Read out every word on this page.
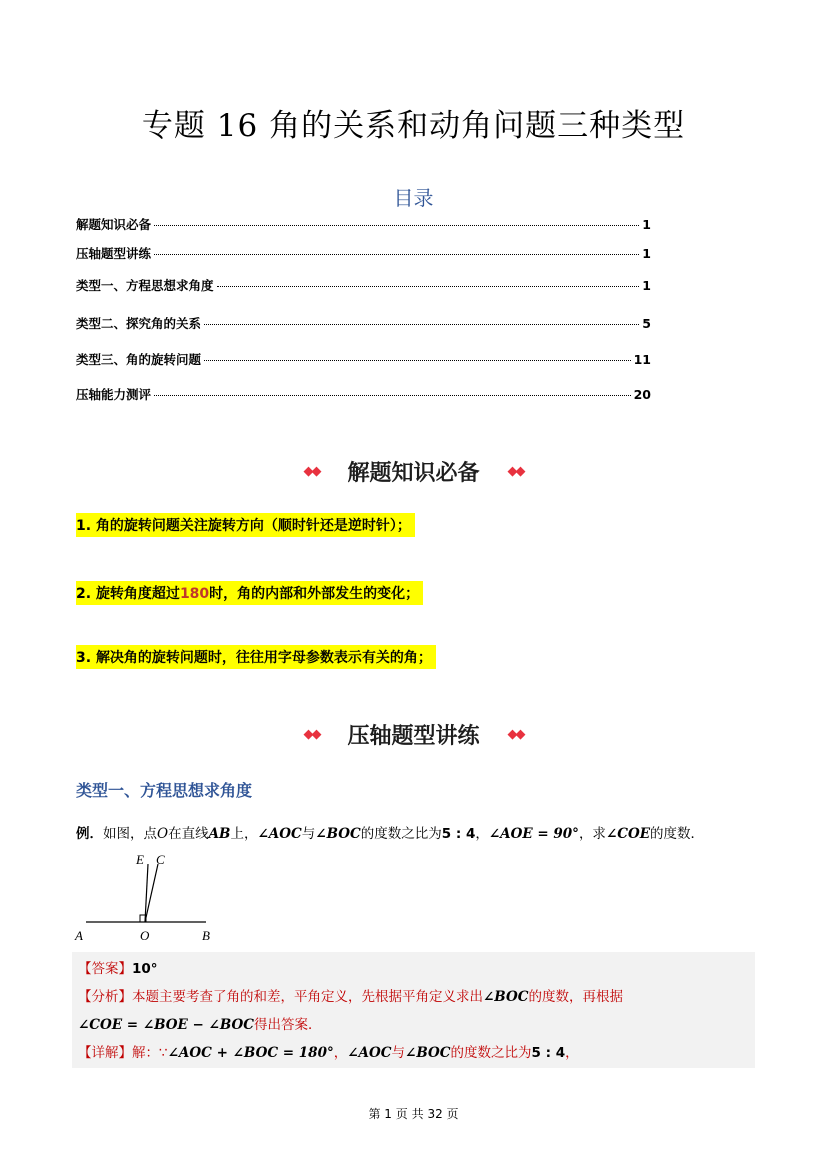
专题 16 角的关系和动角问题三种类型
目录
解题知识必备	1
压轴题型讲练	1
类型一、方程思想求角度	1
类型二、探究角的关系	5
类型三、角的旋转问题	11
压轴能力测评	20
◆◆	解题知识必备	◆◆
1. 角的旋转问题关注旋转方向（顺时针还是逆时针）；
2. 旋转角度超过180时，角的内部和外部发生的变化；
3. 解决角的旋转问题时，往往用字母参数表示有关的角；
◆◆	压轴题型讲练	◆◆
类型一、方程思想求角度
例．如图，点O在直线AB上，∠AOC与∠BOC的度数之比为5 : 4，∠AOE = 90°，求∠COE的度数．
E C
A	O	B
【答案】10°
【分析】本题主要考查了角的和差，平角定义，先根据平角定义求出∠BOC的度数，再根据
∠COE = ∠BOE − ∠BOC得出答案．
【详解】解：∵∠AOC + ∠BOC = 180°，∠AOC与∠BOC的度数之比为5 : 4，
第 1 页 共 32 页
